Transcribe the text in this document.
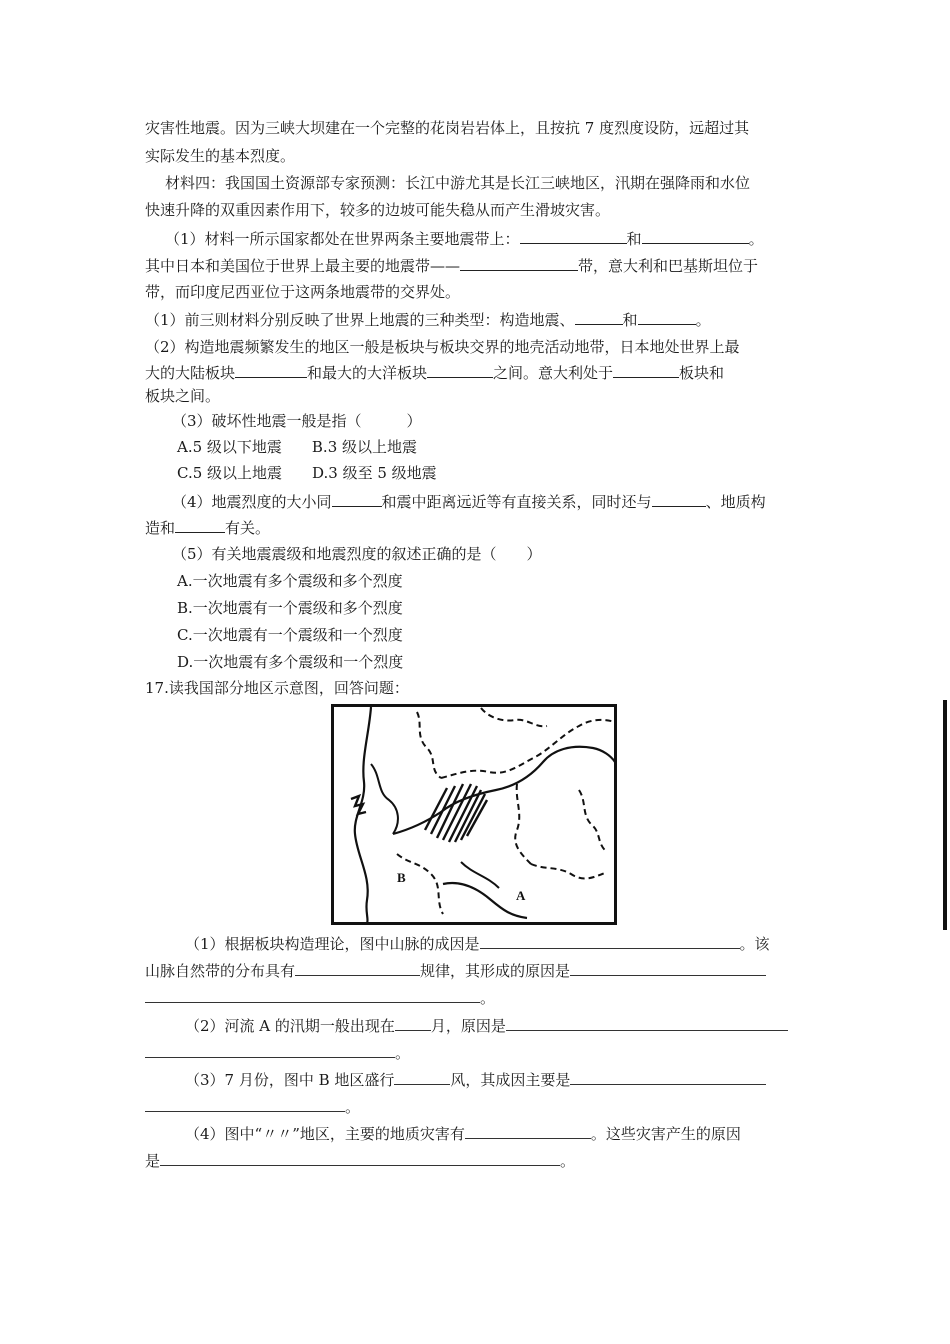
灾害性地震。因为三峡大坝建在一个完整的花岗岩岩体上，且按抗 7 度烈度设防，远超过其
实际发生的基本烈度。
材料四：我国国土资源部专家预测：长江中游尤其是长江三峡地区，汛期在强降雨和水位
快速升降的双重因素作用下，较多的边坡可能失稳从而产生滑坡灾害。
（1）材料一所示国家都处在世界两条主要地震带上：	和	。
其中日本和美国位于世界上最主要的地震带——	带，意大利和巴基斯坦位于
带，而印度尼西亚位于这两条地震带的交界处。
（1）前三则材料分别反映了世界上地震的三种类型：构造地震、	和	。
（2）构造地震频繁发生的地区一般是板块与板块交界的地壳活动地带，日本地处世界上最
大的大陆板块	和最大的大洋板块	之间。意大利处于	板块和
板块之间。
（3）破坏性地震一般是指（　　　）
A.5 级以下地震　　B.3 级以上地震
C.5 级以上地震　　D.3 级至 5 级地震
（4）地震烈度的大小同	和震中距离远近等有直接关系，同时还与	、地质构
造和	有关。
（5）有关地震震级和地震烈度的叙述正确的是（　　）
A.一次地震有多个震级和多个烈度
B.一次地震有一个震级和多个烈度
C.一次地震有一个震级和一个烈度
D.一次地震有多个震级和一个烈度
17.读我国部分地区示意图，回答问题：
B
A
（1）根据板块构造理论，图中山脉的成因是	。该
山脉自然带的分布具有	规律，其形成的原因是
。
（2）河流 A 的汛期一般出现在 月，原因是
。
（3）7 月份，图中 B 地区盛行	风，其成因主要是
。
（4）图中“〃〃”地区，主要的地质灾害有	。这些灾害产生的原因
是	。
